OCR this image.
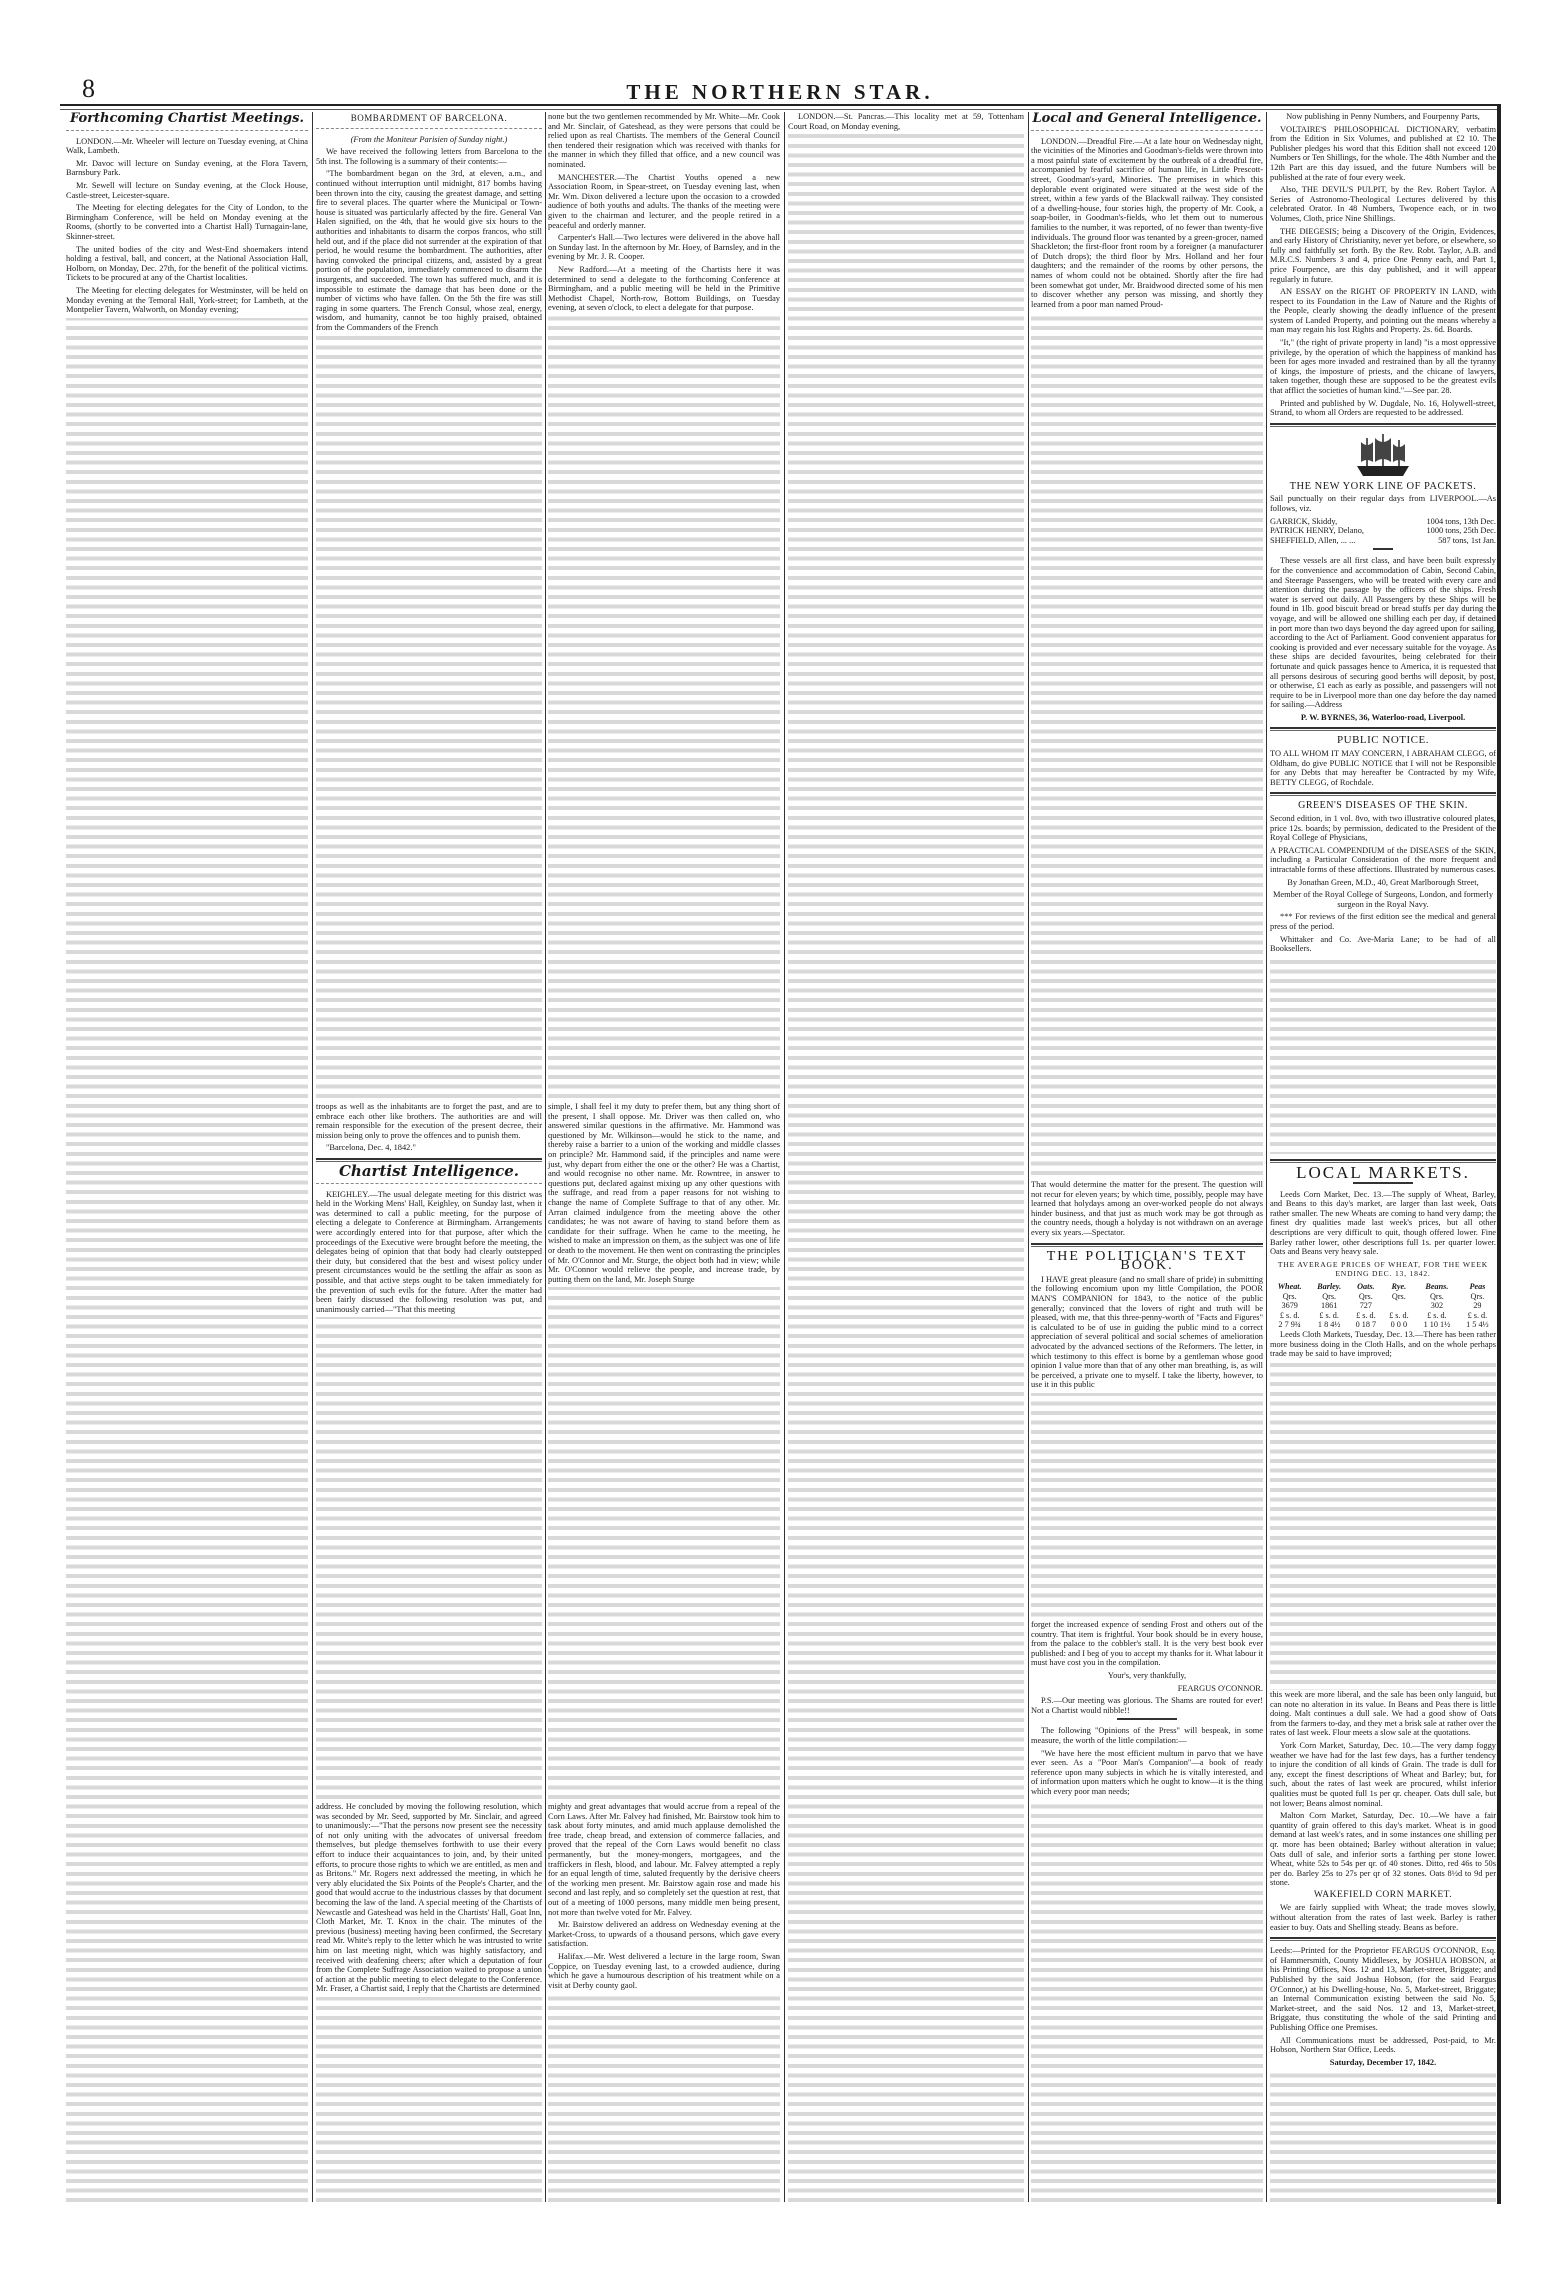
8	THE NORTHERN STAR.
Forthcoming Chartist Meetings.

LONDON.—Mr. Wheeler will lecture on Tuesday evening, at China Walk, Lambeth.

Mr. Davoc will lecture on Sunday evening, at the Flora Tavern, Barnsbury Park.

Mr. Sewell will lecture on Sunday evening, at the Clock House, Castle-street, Leicester-square.

The Meeting for electing delegates for the City of London, to the Birmingham Conference, will be held on Monday evening at the Rooms, (shortly to be converted into a Chartist Hall) Turnagain-lane, Skinner-street.

The united bodies of the city and West-End shoemakers intend holding a festival, ball, and concert, at the National Association Hall, Holborn, on Monday, Dec. 27th, for the benefit of the political victims. Tickets to be procured at any of the Chartist localities.

The Meeting for electing delegates for Westminster, will be held on Monday evening at the Temoral Hall, York-street; for Lambeth, at the Montpelier Tavern, Walworth, on Monday evening;

BOMBARDMENT OF BARCELONA.

(From the Moniteur Parisien of Sunday night.)

We have received the following letters from Barcelona to the 5th inst. The following is a summary of their contents:—

"The bombardment began on the 3rd, at eleven, a.m., and continued without interruption until midnight, 817 bombs having been thrown into the city, causing the greatest damage, and setting fire to several places. The quarter where the Municipal or Town-house is situated was particularly affected by the fire. General Van Halen signified, on the 4th, that he would give six hours to the authorities and inhabitants to disarm the corpos francos, who still held out, and if the place did not surrender at the expiration of that period, he would resume the bombardment. The authorities, after having convoked the principal citizens, and, assisted by a great portion of the population, immediately commenced to disarm the insurgents, and succeeded. The town has suffered much, and it is impossible to estimate the damage that has been done or the number of victims who have fallen. On the 5th the fire was still raging in some quarters. The French Consul, whose zeal, energy, wisdom, and humanity, cannot be too highly praised, obtained from the Commanders of the French

troops as well as the inhabitants are to forget the past, and are to embrace each other like brothers. The authorities are and will remain responsible for the execution of the present decree, their mission being only to prove the offences and to punish them.

"Barcelona, Dec. 4, 1842."

Chartist Intelligence.

KEIGHLEY.—The usual delegate meeting for this district was held in the Working Mens' Hall, Keighley, on Sunday last, when it was determined to call a public meeting, for the purpose of electing a delegate to Conference at Birmingham. Arrangements were accordingly entered into for that purpose, after which the proceedings of the Executive were brought before the meeting, the delegates being of opinion that that body had clearly outstepped their duty, but considered that the best and wisest policy under present circumstances would be the settling the affair as soon as possible, and that active steps ought to be taken immediately for the prevention of such evils for the future. After the matter had been fairly discussed the following resolution was put, and unanimously carried—"That this meeting

address. He concluded by moving the following resolution, which was seconded by Mr. Seed, supported by Mr. Sinclair, and agreed to unanimously:—"That the persons now present see the necessity of not only uniting with the advocates of universal freedom themselves, but pledge themselves forthwith to use their every effort to induce their acquaintances to join, and, by their united efforts, to procure those rights to which we are entitled, as men and as Britons." Mr. Rogers next addressed the meeting, in which he very ably elucidated the Six Points of the People's Charter, and the good that would accrue to the industrious classes by that document becoming the law of the land. A special meeting of the Chartists of Newcastle and Gateshead was held in the Chartists' Hall, Goat Inn, Cloth Market, Mr. T. Knox in the chair. The minutes of the previous (business) meeting having been confirmed, the Secretary read Mr. White's reply to the letter which he was intrusted to write him on last meeting night, which was highly satisfactory, and received with deafening cheers; after which a deputation of four from the Complete Suffrage Association waited to propose a union of action at the public meeting to elect delegate to the Conference. Mr. Fraser, a Chartist said, I reply that the Chartists are determined

none but the two gentlemen recommended by Mr. White—Mr. Cook and Mr. Sinclair, of Gateshead, as they were persons that could be relied upon as real Chartists. The members of the General Council then tendered their resignation which was received with thanks for the manner in which they filled that office, and a new council was nominated.

MANCHESTER.—The Chartist Youths opened a new Association Room, in Spear-street, on Tuesday evening last, when Mr. Wm. Dixon delivered a lecture upon the occasion to a crowded audience of both youths and adults. The thanks of the meeting were given to the chairman and lecturer, and the people retired in a peaceful and orderly manner.

Carpenter's Hall.—Two lectures were delivered in the above hall on Sunday last. In the afternoon by Mr. Hoey, of Barnsley, and in the evening by Mr. J. R. Cooper.

New Radford.—At a meeting of the Chartists here it was determined to send a delegate to the forthcoming Conference at Birmingham, and a public meeting will be held in the Primitive Methodist Chapel, North-row, Bottom Buildings, on Tuesday evening, at seven o'clock, to elect a delegate for that purpose.

simple, I shall feel it my duty to prefer them, but any thing short of the present, I shall oppose. Mr. Driver was then called on, who answered similar questions in the affirmative. Mr. Hammond was questioned by Mr. Wilkinson—would he stick to the name, and thereby raise a barrier to a union of the working and middle classes on principle? Mr. Hammond said, if the principles and name were just, why depart from either the one or the other? He was a Chartist, and would recognise no other name. Mr. Rowntree, in answer to questions put, declared against mixing up any other questions with the suffrage, and read from a paper reasons for not wishing to change the name of Complete Suffrage to that of any other. Mr. Arran claimed indulgence from the meeting above the other candidates; he was not aware of having to stand before them as candidate for their suffrage. When he came to the meeting, he wished to make an impression on them, as the subject was one of life or death to the movement. He then went on contrasting the principles of Mr. O'Connor and Mr. Sturge, the object both had in view; while Mr. O'Connor would relieve the people, and increase trade, by putting them on the land, Mr. Joseph Sturge

mighty and great advantages that would accrue from a repeal of the Corn Laws. After Mr. Falvey had finished, Mr. Bairstow took him to task about forty minutes, and amid much applause demolished the free trade, cheap bread, and extension of commerce fallacies, and proved that the repeal of the Corn Laws would benefit no class permanently, but the money-mongers, mortgagees, and the traffickers in flesh, blood, and labour. Mr. Falvey attempted a reply for an equal length of time, saluted frequently by the derisive cheers of the working men present. Mr. Bairstow again rose and made his second and last reply, and so completely set the question at rest, that out of a meeting of 1000 persons, many middle men being present, not more than twelve voted for Mr. Falvey.

Mr. Bairstow delivered an address on Wednesday evening at the Market-Cross, to upwards of a thousand persons, which gave every satisfaction.

Halifax.—Mr. West delivered a lecture in the large room, Swan Coppice, on Tuesday evening last, to a crowded audience, during which he gave a humourous description of his treatment while on a visit at Derby county gaol.

LONDON.—St. Pancras.—This locality met at 59, Tottenham Court Road, on Monday evening,

Local and General Intelligence.

LONDON.—Dreadful Fire.—At a late hour on Wednesday night, the vicinities of the Minories and Goodman's-fields were thrown into a most painful state of excitement by the outbreak of a dreadful fire, accompanied by fearful sacrifice of human life, in Little Prescott-street, Goodman's-yard, Minories. The premises in which this deplorable event originated were situated at the west side of the street, within a few yards of the Blackwall railway. They consisted of a dwelling-house, four stories high, the property of Mr. Cook, a soap-boiler, in Goodman's-fields, who let them out to numerous families to the number, it was reported, of no fewer than twenty-five individuals. The ground floor was tenanted by a green-grocer, named Shackleton; the first-floor front room by a foreigner (a manufacturer of Dutch drops); the third floor by Mrs. Holland and her four daughters; and the remainder of the rooms by other persons, the names of whom could not be obtained. Shortly after the fire had been somewhat got under, Mr. Braidwood directed some of his men to discover whether any person was missing, and shortly they learned from a poor man named Proud-

That would determine the matter for the present. The question will not recur for eleven years; by which time, possibly, people may have learned that holydays among an over-worked people do not always hinder business, and that just as much work may be got through as the country needs, though a holyday is not withdrawn on an average every six years.—Spectator.

THE POLITICIAN'S TEXT BOOK.

I HAVE great pleasure (and no small share of pride) in submitting the following encomium upon my little Compilation, the POOR MAN'S COMPANION for 1843, to the notice of the public generally; convinced that the lovers of right and truth will be pleased, with me, that this three-penny-worth of "Facts and Figures" is calculated to be of use in guiding the public mind to a correct appreciation of several political and social schemes of amelioration advocated by the advanced sections of the Reformers. The letter, in which testimony to this effect is borne by a gentleman whose good opinion I value more than that of any other man breathing, is, as will be perceived, a private one to myself. I take the liberty, however, to use it in this public

forget the increased expence of sending Frost and others out of the country. That item is frightful. Your book should be in every house, from the palace to the cobbler's stall. It is the very best book ever published: and I beg of you to accept my thanks for it. What labour it must have cost you in the compilation.

Your's, very thankfully,

FEARGUS O'CONNOR.

P.S.—Our meeting was glorious. The Shams are routed for ever! Not a Chartist would nibble!!

The following "Opinions of the Press" will bespeak, in some measure, the worth of the little compilation:—

"We have here the most efficient multum in parvo that we have ever seen. As a "Poor Man's Companion"—a book of ready reference upon many subjects in which he is vitally interested, and of information upon matters which he ought to know—it is the thing which every poor man needs;

Now publishing in Penny Numbers, and Fourpenny Parts,

VOLTAIRE'S PHILOSOPHICAL DICTIONARY, verbatim from the Edition in Six Volumes, and published at £2 10. The Publisher pledges his word that this Edition shall not exceed 120 Numbers or Ten Shillings, for the whole. The 48th Number and the 12th Part are this day issued, and the future Numbers will be published at the rate of four every week.

Also, THE DEVIL'S PULPIT, by the Rev. Robert Taylor. A Series of Astronomo-Theological Lectures delivered by this celebrated Orator. In 48 Numbers, Twopence each, or in two Volumes, Cloth, price Nine Shillings.

THE DIEGESIS; being a Discovery of the Origin, Evidences, and early History of Christianity, never yet before, or elsewhere, so fully and faithfully set forth. By the Rev. Robt. Taylor, A.B. and M.R.C.S. Numbers 3 and 4, price One Penny each, and Part 1, price Fourpence, are this day published, and it will appear regularly in future.

AN ESSAY on the RIGHT OF PROPERTY IN LAND, with respect to its Foundation in the Law of Nature and the Rights of the People, clearly showing the deadly influence of the present system of Landed Property, and pointing out the means whereby a man may regain his lost Rights and Property. 2s. 6d. Boards.

"It," (the right of private property in land) "is a most oppressive privilege, by the operation of which the happiness of mankind has been for ages more invaded and restrained than by all the tyranny of kings, the imposture of priests, and the chicane of lawyers, taken together, though these are supposed to be the greatest evils that afflict the societies of human kind."—See par. 28.

Printed and published by W. Dugdale, No. 16, Holywell-street, Strand, to whom all Orders are requested to be addressed.

THE NEW YORK LINE OF PACKETS.

Sail punctually on their regular days from LIVERPOOL.—As follows, viz.

GARRICK, Skiddy,	1004 tons, 13th Dec.
PATRICK HENRY, Delano,	1000 tons, 25th Dec.
SHEFFIELD, Allen, ... ...	587 tons, 1st Jan.

These vessels are all first class, and have been built expressly for the convenience and accommodation of Cabin, Second Cabin, and Steerage Passengers, who will be treated with every care and attention during the passage by the officers of the ships. Fresh water is served out daily. All Passengers by these Ships will be found in 1lb. good biscuit bread or bread stuffs per day during the voyage, and will be allowed one shilling each per day, if detained in port more than two days beyond the day agreed upon for sailing, according to the Act of Parliament. Good convenient apparatus for cooking is provided and ever necessary suitable for the voyage. As these ships are decided favourites, being celebrated for their fortunate and quick passages hence to America, it is requested that all persons desirous of securing good berths will deposit, by post, or otherwise, £1 each as early as possible, and passengers will not require to be in Liverpool more than one day before the day named for sailing.—Address

P. W. BYRNES, 36, Waterloo-road, Liverpool.

PUBLIC NOTICE.

TO ALL WHOM IT MAY CONCERN, I ABRAHAM CLEGG, of Oldham, do give PUBLIC NOTICE that I will not be Responsible for any Debts that may hereafter be Contracted by my Wife, BETTY CLEGG, of Rochdale.

GREEN'S DISEASES OF THE SKIN.

Second edition, in 1 vol. 8vo, with two illustrative coloured plates, price 12s. boards; by permission, dedicated to the President of the Royal College of Physicians,

A PRACTICAL COMPENDIUM of the DISEASES of the SKIN, including a Particular Consideration of the more frequent and intractable forms of these affections. Illustrated by numerous cases.

By Jonathan Green, M.D., 40, Great Marlborough Street,

Member of the Royal College of Surgeons, London, and formerly surgeon in the Royal Navy.

*** For reviews of the first edition see the medical and general press of the period.

Whittaker and Co. Ave-Maria Lane; to be had of all Booksellers.

LOCAL MARKETS.

Leeds Corn Market, Dec. 13.—The supply of Wheat, Barley, and Beans to this day's market, are larger than last week, Oats rather smaller. The new Wheats are coming to hand very damp; the finest dry qualities made last week's prices, but all other descriptions are very difficult to quit, though offered lower. Fine Barley rather lower, other descriptions full 1s. per quarter lower. Oats and Beans very heavy sale.

THE AVERAGE PRICES OF WHEAT, FOR THE WEEK ENDING DEC. 13, 1842.

Wheat.	Barley.	Oats.	Rye.	Beans.	Peas
Qrs.	Qrs.	Qrs.	Qrs.	Qrs.	Qrs.
3679	1861	727		302	29
£ s. d.	£ s. d.	£ s. d.	£ s. d.	£ s. d.	£ s. d.
2 7 9¾	1 8 4½	0 18 7	0 0 0	1 10 1½	1 5 4½

Leeds Cloth Markets, Tuesday, Dec. 13.—There has been rather more business doing in the Cloth Halls, and on the whole perhaps trade may be said to have improved;

this week are more liberal, and the sale has been only languid, but can note no alteration in its value. In Beans and Peas there is little doing. Malt continues a dull sale. We had a good show of Oats from the farmers to-day, and they met a brisk sale at rather over the rates of last week. Flour meets a slow sale at the quotations.

York Corn Market, Saturday, Dec. 10.—The very damp foggy weather we have had for the last few days, has a further tendency to injure the condition of all kinds of Grain. The trade is dull for any, except the finest descriptions of Wheat and Barley; but, for such, about the rates of last week are procured, whilst inferior qualities must be quoted full 1s per qr. cheaper. Oats dull sale, but not lower; Beans almost nominal.

Malton Corn Market, Saturday, Dec. 10.—We have a fair quantity of grain offered to this day's market. Wheat is in good demand at last week's rates, and in some instances one shilling per qr. more has been obtained; Barley without alteration in value; Oats dull of sale, and inferior sorts a farthing per stone lower. Wheat, white 52s to 54s per qr. of 40 stones. Ditto, red 46s to 50s per do. Barley 25s to 27s per qr of 32 stones. Oats 8½d to 9d per stone.

WAKEFIELD CORN MARKET.

We are fairly supplied with Wheat; the trade moves slowly, without alteration from the rates of last week. Barley is rather easier to buy. Oats and Shelling steady. Beans as before.

Leeds:—Printed for the Proprietor FEARGUS O'CONNOR, Esq. of Hammersmith, County Middlesex, by JOSHUA HOBSON, at his Printing Offices, Nos. 12 and 13, Market-street, Briggate; and Published by the said Joshua Hobson, (for the said Feargus O'Connor,) at his Dwelling-house, No. 5, Market-street, Briggate; an Internal Communication existing between the said No. 5, Market-street, and the said Nos. 12 and 13, Market-street, Briggate, thus constituting the whole of the said Printing and Publishing Office one Premises.

All Communications must be addressed, Post-paid, to Mr. Hobson, Northern Star Office, Leeds.

Saturday, December 17, 1842.
